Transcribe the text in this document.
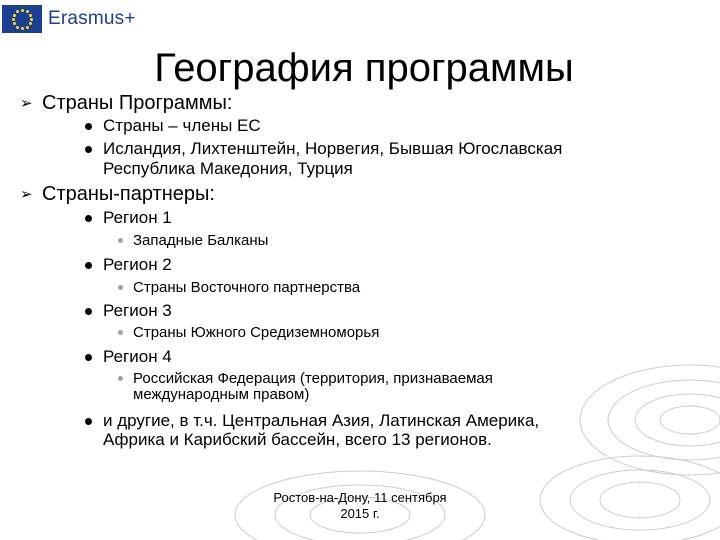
Erasmus+
География программы
➢ Страны Программы:
Страны – члены ЕС
Исландия, Лихтенштейн, Норвегия, Бывшая Югославская
Республика Македония, Турция
➢ Страны-партнеры:
Регион 1
Западные Балканы
Регион 2
Страны Восточного партнерства
Регион 3
Страны Южного Средиземноморья
Регион 4
Российская Федерация (территория, признаваемая
международным правом)
и другие, в т.ч. Центральная Азия, Латинская Америка,
Африка и Карибский бассейн, всего 13 регионов.
Ростов-на-Дону, 11 сентября
2015 г.
